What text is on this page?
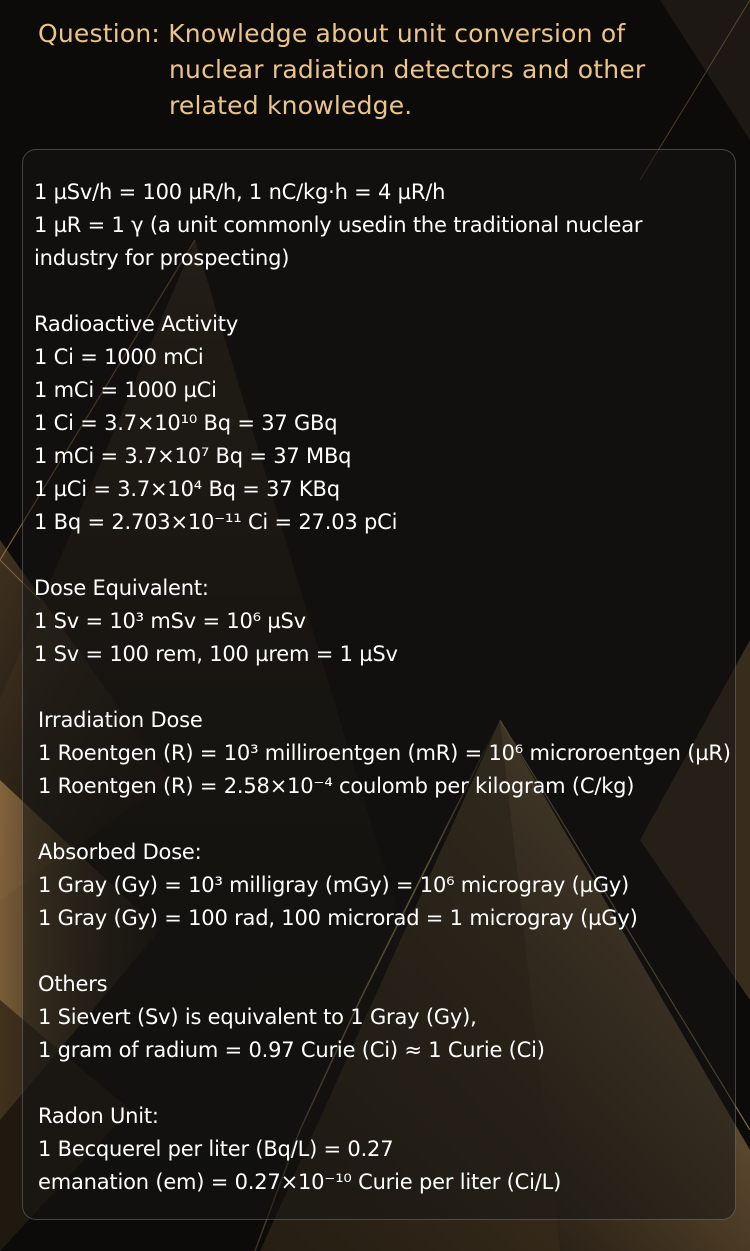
Question: Knowledge about unit conversion of
nuclear radiation detectors and other
related knowledge.
1 µSv/h = 100 µR/h, 1 nC/kg·h = 4 µR/h
1 µR = 1 γ (a unit commonly usedin the traditional nuclear
industry for prospecting)
Radioactive Activity
1 Ci = 1000 mCi
1 mCi = 1000 µCi
1 Ci = 3.7×10¹⁰ Bq = 37 GBq
1 mCi = 3.7×10⁷ Bq = 37 MBq
1 µCi = 3.7×10⁴ Bq = 37 KBq
1 Bq = 2.703×10⁻¹¹ Ci = 27.03 pCi
Dose Equivalent:
1 Sv = 10³ mSv = 10⁶ µSv
1 Sv = 100 rem, 100 µrem = 1 µSv
Irradiation Dose
1 Roentgen (R) = 10³ milliroentgen (mR) = 10⁶ microroentgen (µR)
1 Roentgen (R) = 2.58×10⁻⁴ coulomb per kilogram (C/kg)
Absorbed Dose:
1 Gray (Gy) = 10³ milligray (mGy) = 10⁶ microgray (µGy)
1 Gray (Gy) = 100 rad, 100 microrad = 1 microgray (µGy)
Others
1 Sievert (Sv) is equivalent to 1 Gray (Gy),
1 gram of radium = 0.97 Curie (Ci) ≈ 1 Curie (Ci)
Radon Unit:
1 Becquerel per liter (Bq/L) = 0.27
emanation (em) = 0.27×10⁻¹⁰ Curie per liter (Ci/L)
